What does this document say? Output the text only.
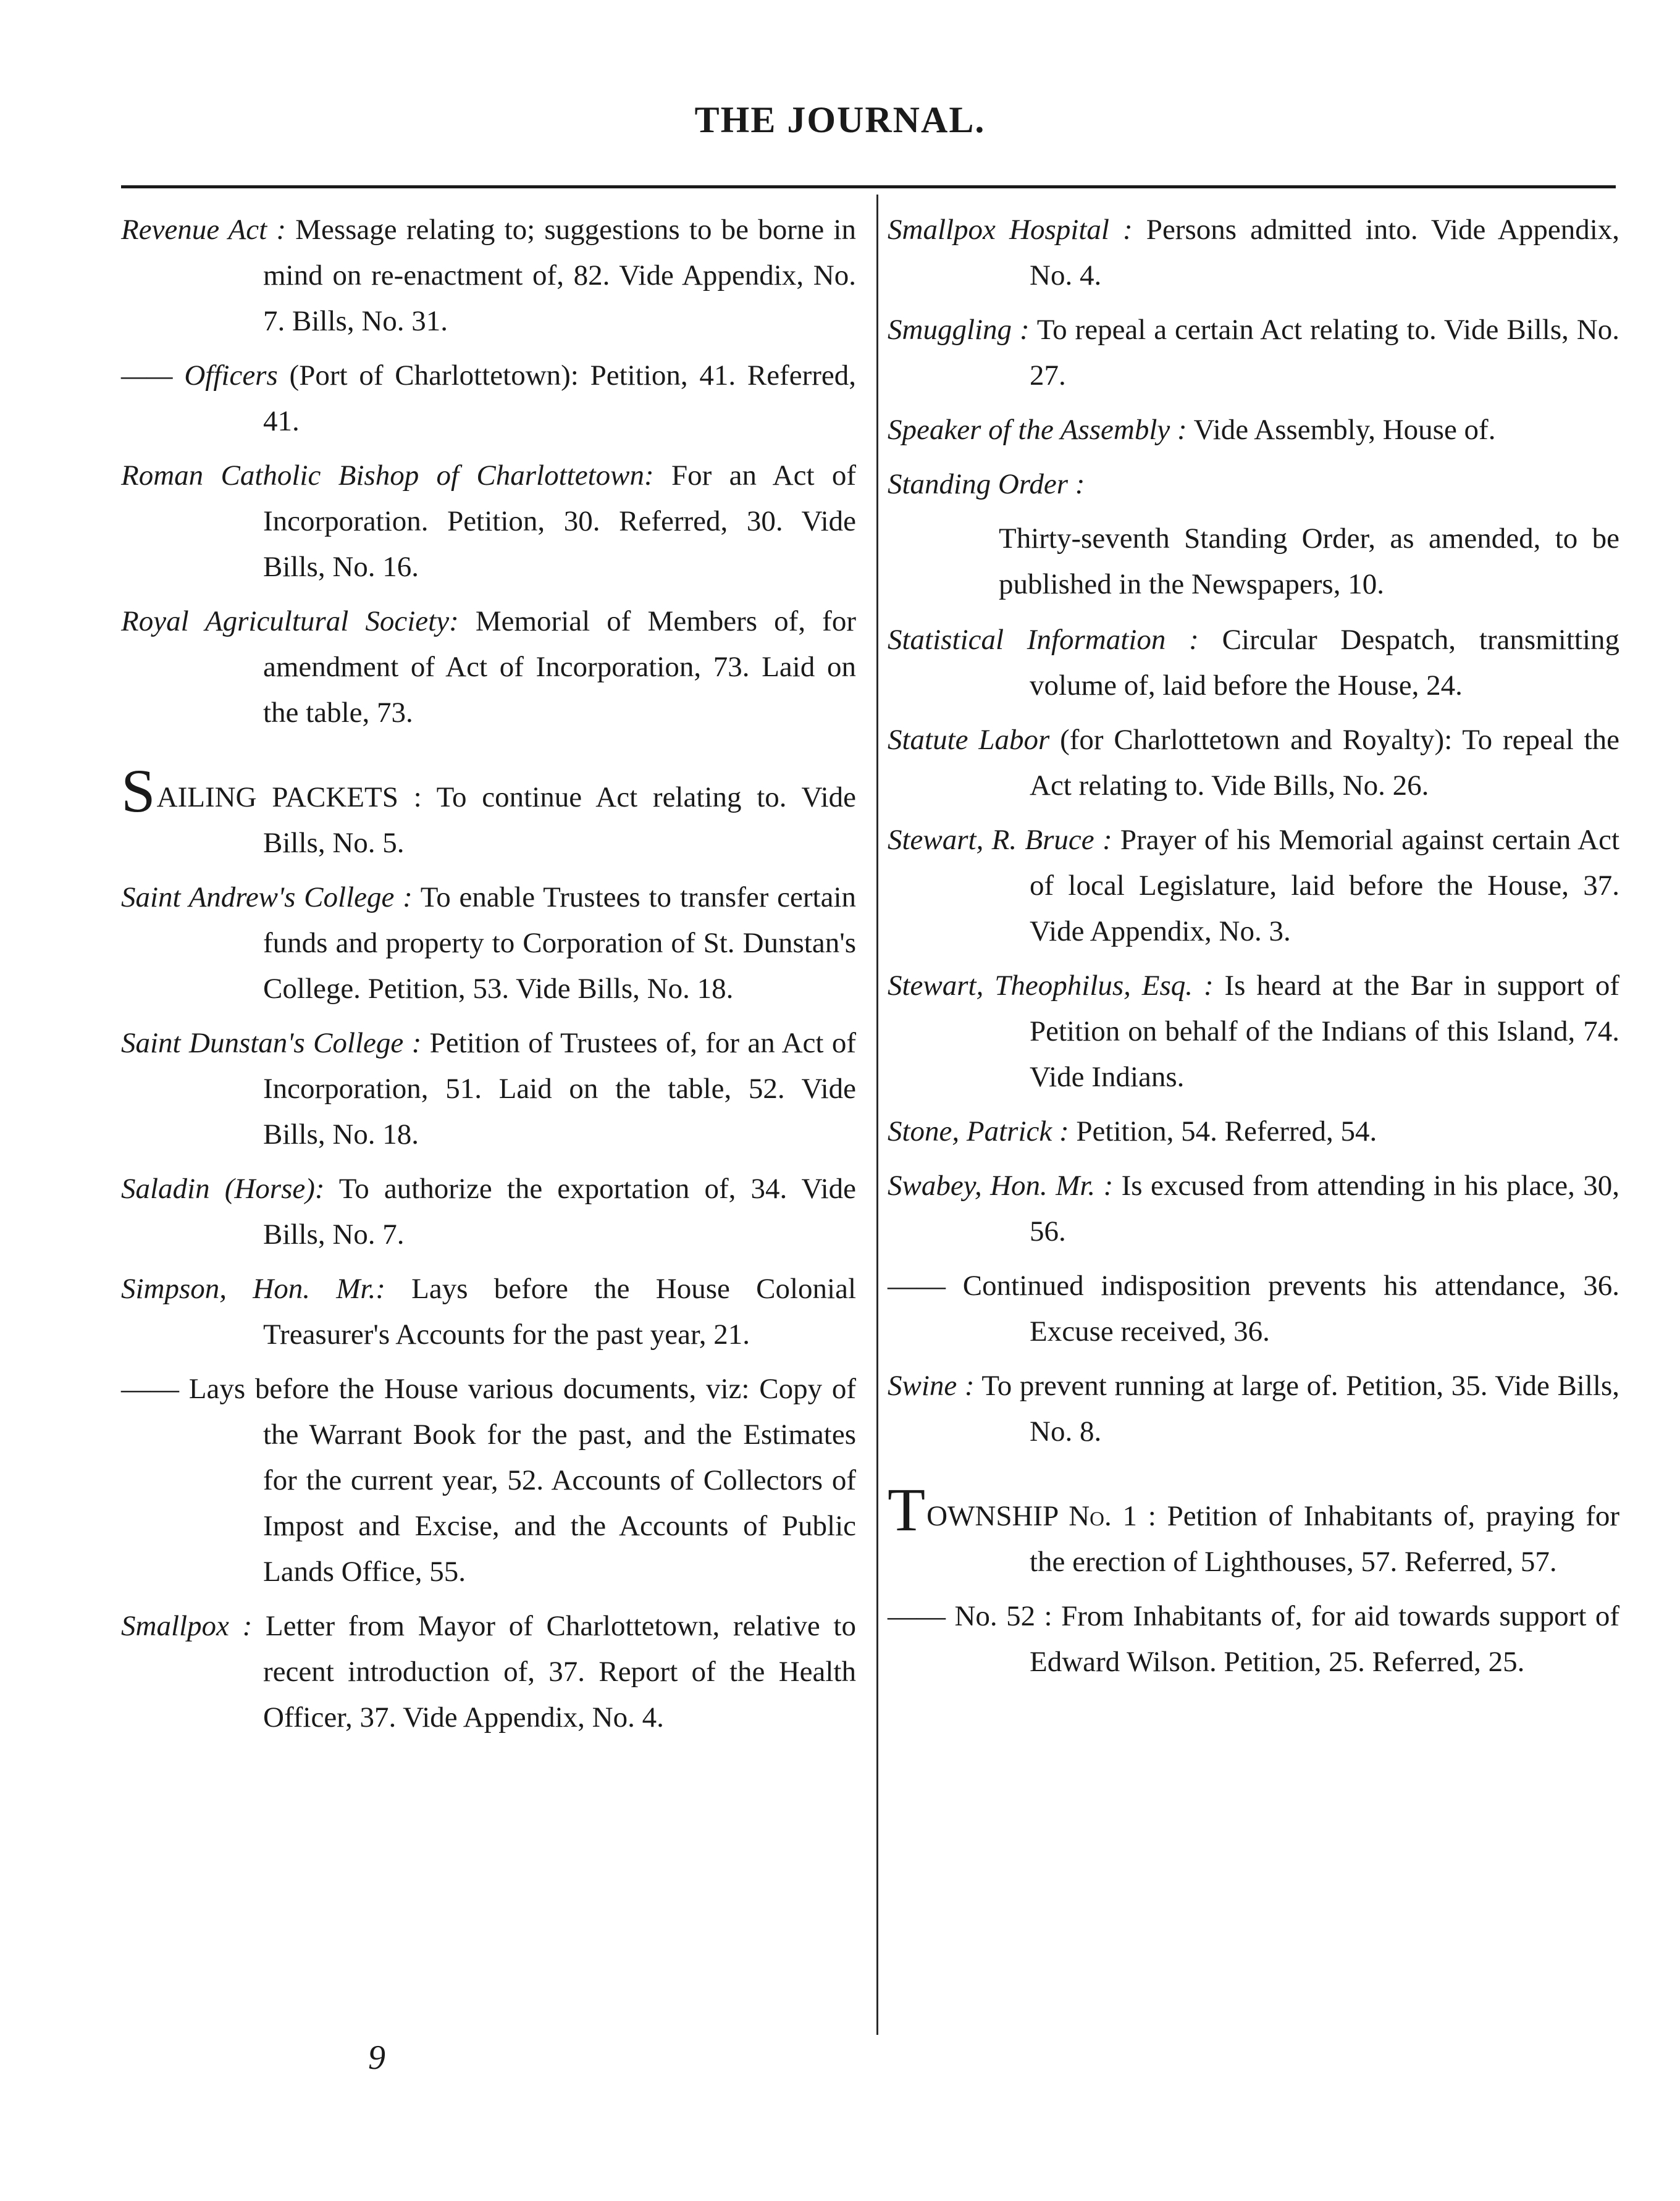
THE JOURNAL.

Revenue Act : Message relating to; suggestions to be borne in mind on re-enactment of, 82. Vide Appendix, No. 7. Bills, No. 31.

—— Officers (Port of Charlottetown): Petition, 41. Referred, 41.

Roman Catholic Bishop of Charlottetown: For an Act of Incorporation. Petition, 30. Referred, 30. Vide Bills, No. 16.

Royal Agricultural Society: Memorial of Members of, for amendment of Act of Incorporation, 73. Laid on the table, 73.

SAILING PACKETS : To continue Act relating to. Vide Bills, No. 5.

Saint Andrew's College : To enable Trustees to transfer certain funds and property to Corporation of St. Dunstan's College. Petition, 53. Vide Bills, No. 18.

Saint Dunstan's College : Petition of Trustees of, for an Act of Incorporation, 51. Laid on the table, 52. Vide Bills, No. 18.

Saladin (Horse): To authorize the exportation of, 34. Vide Bills, No. 7.

Simpson, Hon. Mr.: Lays before the House Colonial Treasurer's Accounts for the past year, 21.

—— Lays before the House various documents, viz: Copy of the Warrant Book for the past, and the Estimates for the current year, 52. Accounts of Collectors of Impost and Excise, and the Accounts of Public Lands Office, 55.

Smallpox : Letter from Mayor of Charlottetown, relative to recent introduction of, 37. Report of the Health Officer, 37. Vide Appendix, No. 4.

Smallpox Hospital : Persons admitted into. Vide Appendix, No. 4.

Smuggling : To repeal a certain Act relating to. Vide Bills, No. 27.

Speaker of the Assembly : Vide Assembly, House of.

Standing Order :

Thirty-seventh Standing Order, as amended, to be published in the Newspapers, 10.

Statistical Information : Circular Despatch, transmitting volume of, laid before the House, 24.

Statute Labor (for Charlottetown and Royalty): To repeal the Act relating to. Vide Bills, No. 26.

Stewart, R. Bruce : Prayer of his Memorial against certain Act of local Legislature, laid before the House, 37. Vide Appendix, No. 3.

Stewart, Theophilus, Esq. : Is heard at the Bar in support of Petition on behalf of the Indians of this Island, 74. Vide Indians.

Stone, Patrick : Petition, 54. Referred, 54.

Swabey, Hon. Mr. : Is excused from attending in his place, 30, 56.

—— Continued indisposition prevents his attendance, 36. Excuse received, 36.

Swine : To prevent running at large of. Petition, 35. Vide Bills, No. 8.

TOWNSHIP No. 1 : Petition of Inhabitants of, praying for the erection of Lighthouses, 57. Referred, 57.

—— No. 52 : From Inhabitants of, for aid towards support of Edward Wilson. Petition, 25. Referred, 25.

9
